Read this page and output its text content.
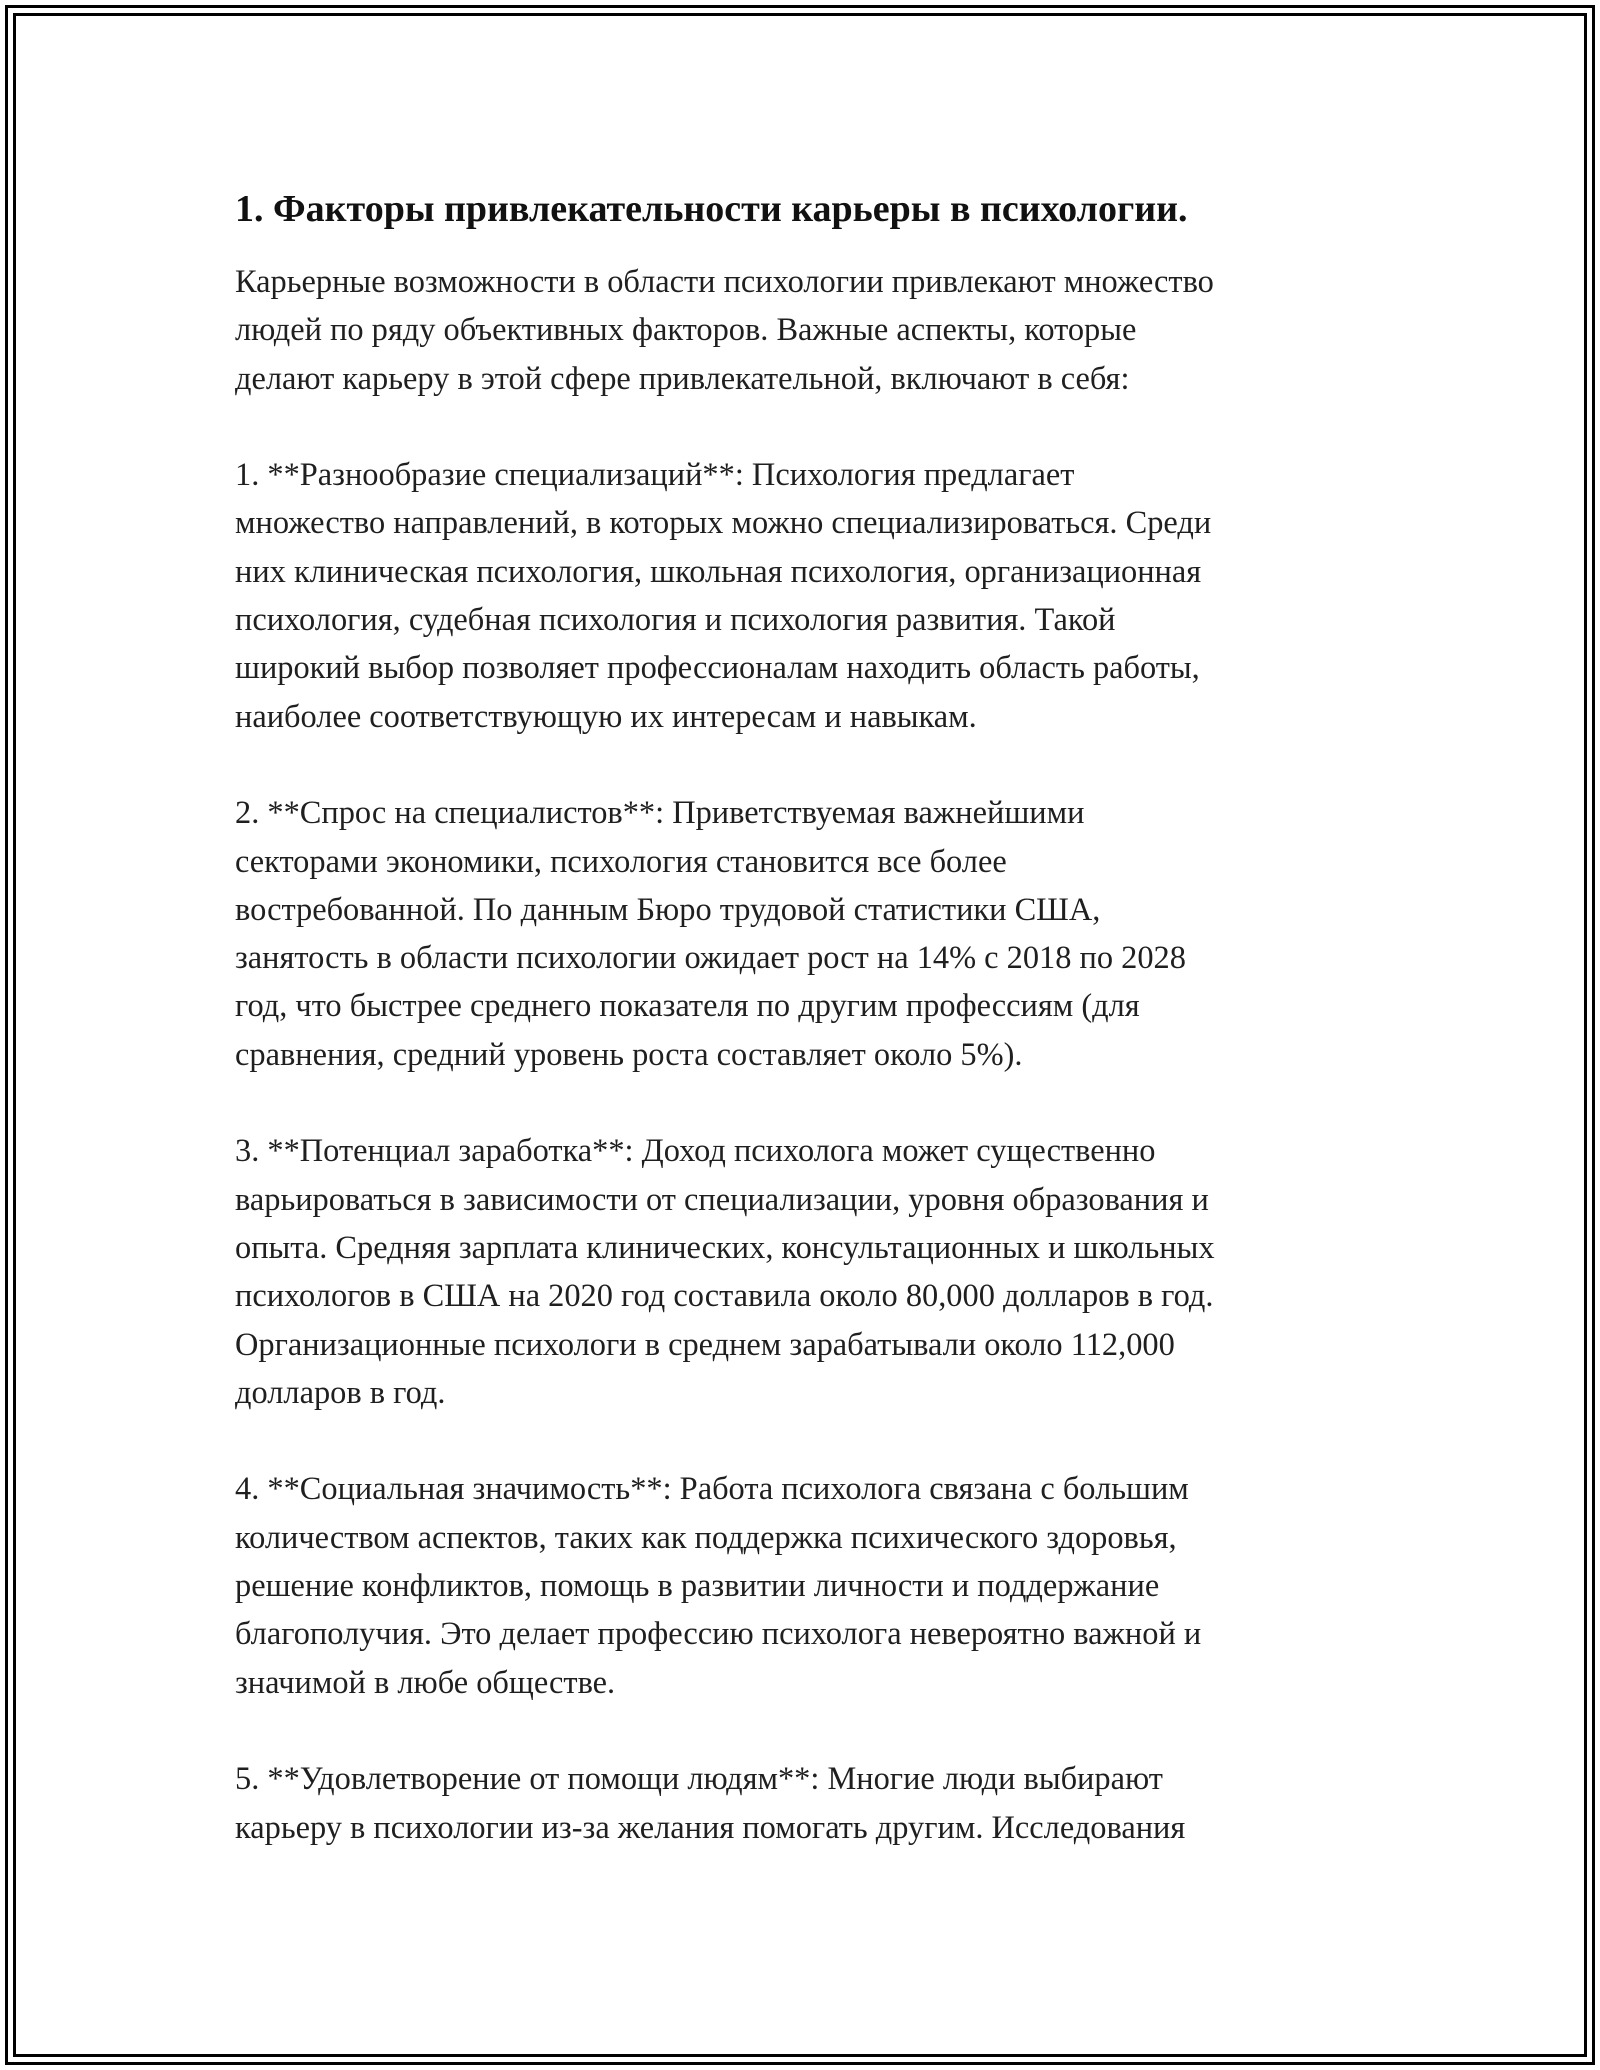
1. Факторы привлекательности карьеры в психологии.

Карьерные возможности в области психологии привлекают множество
людей по ряду объективных факторов. Важные аспекты, которые
делают карьеру в этой сфере привлекательной, включают в себя:

1. **Разнообразие специализаций**: Психология предлагает
множество направлений, в которых можно специализироваться. Среди
них клиническая психология, школьная психология, организационная
психология, судебная психология и психология развития. Такой
широкий выбор позволяет профессионалам находить область работы,
наиболее соответствующую их интересам и навыкам.

2. **Спрос на специалистов**: Приветствуемая важнейшими
секторами экономики, психология становится все более
востребованной. По данным Бюро трудовой статистики США,
занятость в области психологии ожидает рост на 14% с 2018 по 2028
год, что быстрее среднего показателя по другим профессиям (для
сравнения, средний уровень роста составляет около 5%).

3. **Потенциал заработка**: Доход психолога может существенно
варьироваться в зависимости от специализации, уровня образования и
опыта. Средняя зарплата клинических, консультационных и школьных
психологов в США на 2020 год составила около 80,000 долларов в год.
Организационные психологи в среднем зарабатывали около 112,000
долларов в год.

4. **Социальная значимость**: Работа психолога связана с большим
количеством аспектов, таких как поддержка психического здоровья,
решение конфликтов, помощь в развитии личности и поддержание
благополучия. Это делает профессию психолога невероятно важной и
значимой в любе обществе.

5. **Удовлетворение от помощи людям**: Многие люди выбирают
карьеру в психологии из-за желания помогать другим. Исследования
